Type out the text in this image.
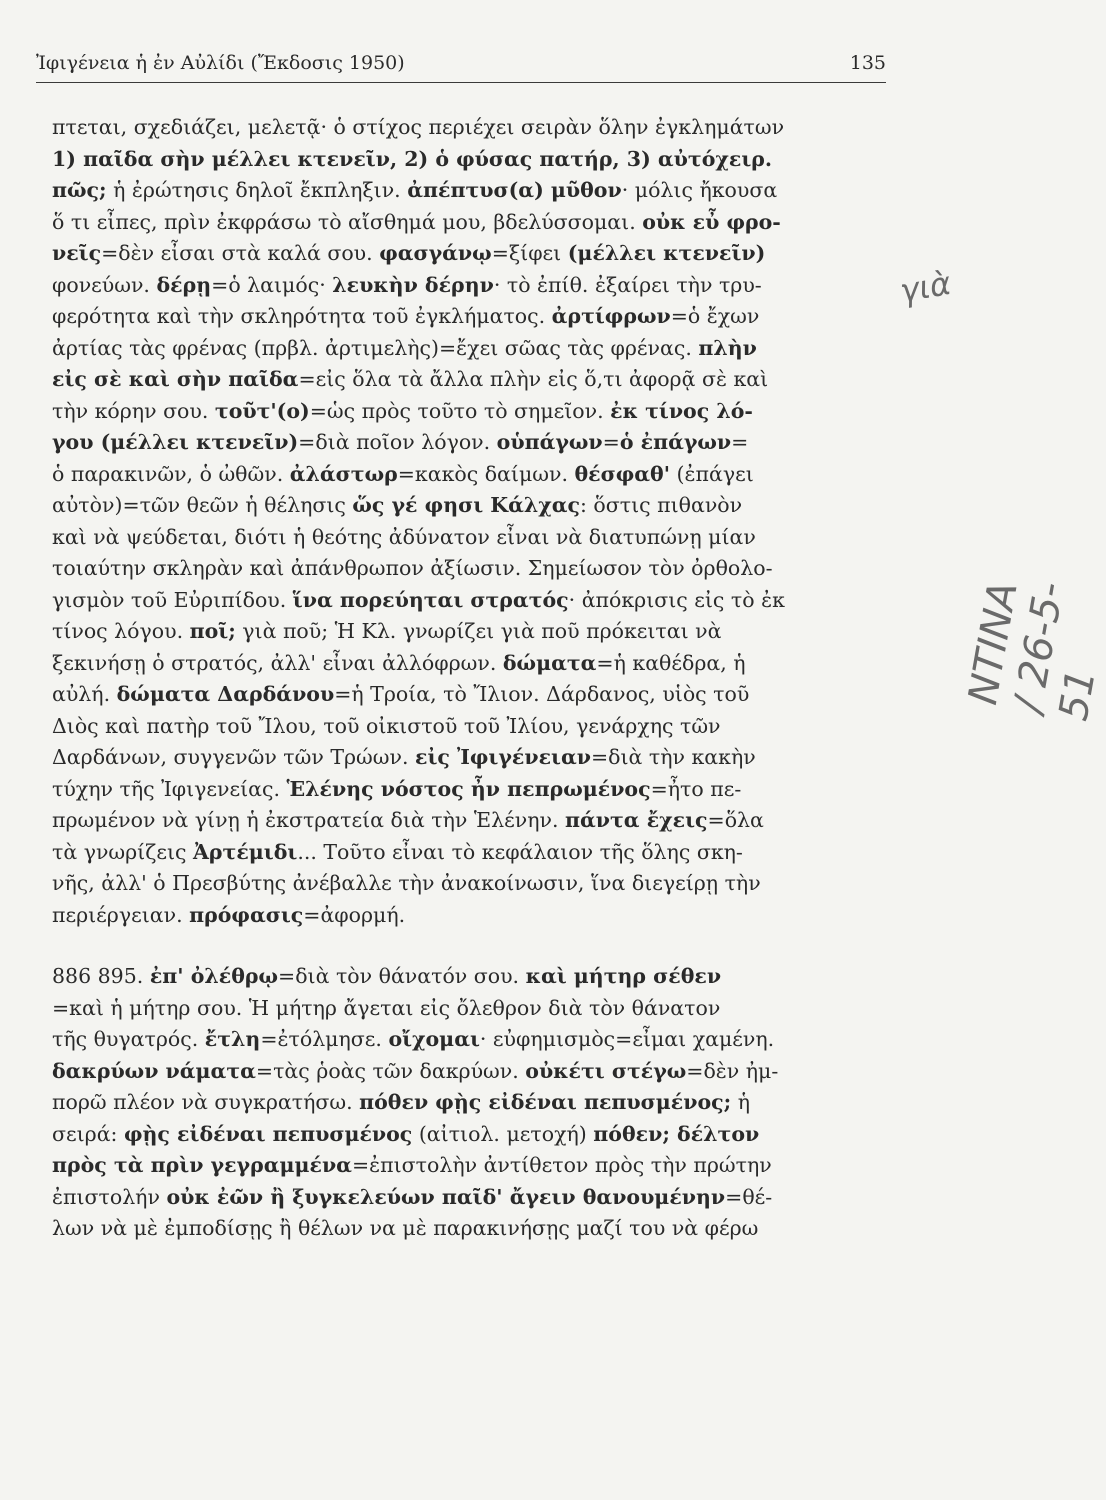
Ἰφιγένεια ἡ ἐν Αὐλίδι (Ἔκδοσις 1950)	135
πτεται, σχεδιάζει, μελετᾷ· ὁ στίχος περιέχει σειρὰν ὅλην ἐγκλημάτων
1) παῖδα σὴν μέλλει κτενεῖν, 2) ὁ φύσας πατήρ, 3) αὐτόχειρ.
πῶς; ἡ ἐρώτησις δηλοῖ ἔκπληξιν. ἀπέπτυσ(α) μῦθον· μόλις ἤκουσα
ὅ τι εἶπες, πρὶν ἐκφράσω τὸ αἴσθημά μου, βδελύσσομαι. οὐκ εὖ φρο-
νεῖς=δὲν εἶσαι στὰ καλά σου. φασγάνῳ=ξίφει (μέλλει κτενεῖν)
φονεύων. δέρῃ=ὁ λαιμός· λευκὴν δέρην· τὸ ἐπίθ. ἐξαίρει τὴν τρυ-
φερότητα καὶ τὴν σκληρότητα τοῦ ἐγκλήματος. ἀρτίφρων=ὁ ἔχων
ἀρτίας τὰς φρένας (πρβλ. ἀρτιμελὴς)=ἔχει σῶας τὰς φρένας. πλὴν
εἰς σὲ καὶ σὴν παῖδα=εἰς ὅλα τὰ ἄλλα πλὴν εἰς ὅ,τι ἀφορᾷ σὲ καὶ
τὴν κόρην σου. τοῦτ'(ο)=ὡς πρὸς τοῦτο τὸ σημεῖον. ἐκ τίνος λό-
γου (μέλλει κτενεῖν)=διὰ ποῖον λόγον. οὑπάγων=ὁ ἐπάγων=
ὁ παρακινῶν, ὁ ὠθῶν. ἀλάστωρ=κακὸς δαίμων. θέσφαθ' (ἐπάγει
αὐτὸν)=τῶν θεῶν ἡ θέλησις ὥς γέ φησι Κάλχας: ὅστις πιθανὸν
καὶ νὰ ψεύδεται, διότι ἡ θεότης ἀδύνατον εἶναι νὰ διατυπώνῃ μίαν
τοιαύτην σκληρὰν καὶ ἀπάνθρωπον ἀξίωσιν. Σημείωσον τὸν ὀρθολο-
γισμὸν τοῦ Εὐριπίδου. ἵνα πορεύηται στρατός· ἀπόκρισις εἰς τὸ ἐκ
τίνος λόγου. ποῖ; γιὰ ποῦ; Ἡ Κλ. γνωρίζει γιὰ ποῦ πρόκειται νὰ
ξεκινήσῃ ὁ στρατός, ἀλλ' εἶναι ἀλλόφρων. δώματα=ἡ καθέδρα, ἡ
αὐλή. δώματα Δαρδάνου=ἡ Τροία, τὸ Ἴλιον. Δάρδανος, υἱὸς τοῦ
Διὸς καὶ πατὴρ τοῦ Ἴλου, τοῦ οἰκιστοῦ τοῦ Ἰλίου, γενάρχης τῶν
Δαρδάνων, συγγενῶν τῶν Τρώων. εἰς Ἰφιγένειαν=διὰ τὴν κακὴν
τύχην τῆς Ἰφιγενείας. Ἑλένης νόστος ἦν πεπρωμένος=ἦτο πε-
πρωμένον νὰ γίνῃ ἡ ἐκστρατεία διὰ τὴν Ἑλένην. πάντα ἔχεις=ὅλα
τὰ γνωρίζεις Ἀρτέμιδι... Τοῦτο εἶναι τὸ κεφάλαιον τῆς ὅλης σκη-
νῆς, ἀλλ' ὁ Πρεσβύτης ἀνέβαλλε τὴν ἀνακοίνωσιν, ἵνα διεγείρῃ τὴν
περιέργειαν. πρόφασις=ἀφορμή.
886 895. ἐπ' ὀλέθρῳ=διὰ τὸν θάνατόν σου. καὶ μήτηρ σέθεν
=καὶ ἡ μήτηρ σου. Ἡ μήτηρ ἄγεται εἰς ὄλεθρον διὰ τὸν θάνατον
τῆς θυγατρός. ἔτλη=ἐτόλμησε. οἴχομαι· εὐφημισμὸς=εἶμαι χαμένη.
δακρύων νάματα=τὰς ῥοὰς τῶν δακρύων. οὐκέτι στέγω=δὲν ἠμ-
πορῶ πλέον νὰ συγκρατήσω. πόθεν φῂς εἰδέναι πεπυσμένος; ἡ
σειρά: φῂς εἰδέναι πεπυσμένος (αἰτιολ. μετοχή) πόθεν; δέλτον
πρὸς τὰ πρὶν γεγραμμένα=ἐπιστολὴν ἀντίθετον πρὸς τὴν πρώτην
ἐπιστολήν οὐκ ἐῶν ἢ ξυγκελεύων παῖδ' ἄγειν θανουμένην=θέ-
λων νὰ μὲ ἐμποδίσῃς ἢ θέλων να μὲ παρακινήσῃς μαζί του νὰ φέρω
γιὰ
ΝΤΙΝΑ / 26-5-51
